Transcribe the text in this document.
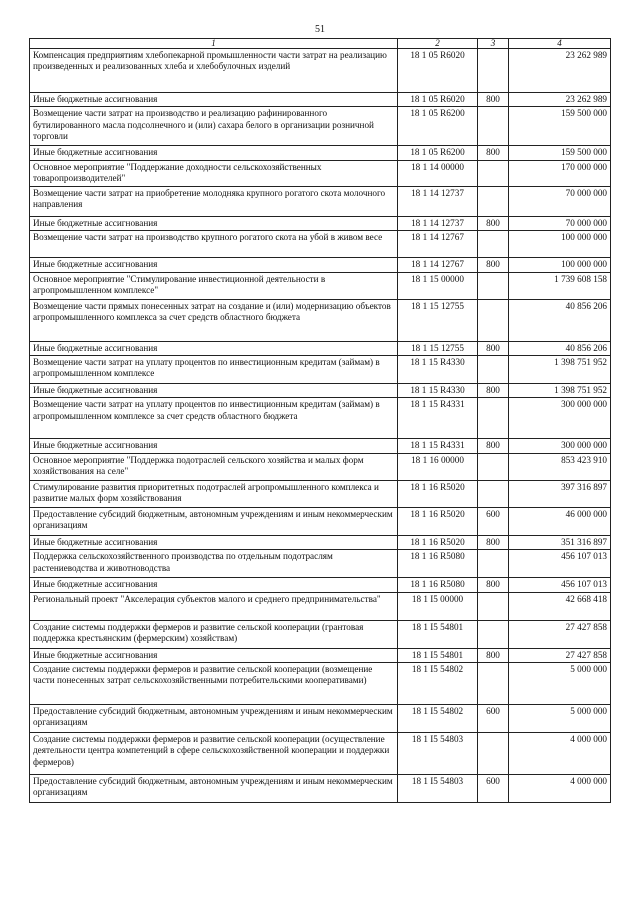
51
1	2	3	4
Компенсация предприятиям хлебопекарной промышленности части затрат на реализацию произведенных и реализованных хлеба и хлебобулочных изделий	18 1 05 R6020		23 262 989
Иные бюджетные ассигнования	18 1 05 R6020	800	23 262 989
Возмещение части затрат на производство и реализацию рафинированного бутилированного масла подсолнечного и (или) сахара белого в организации розничной торговли	18 1 05 R6200		159 500 000
Иные бюджетные ассигнования	18 1 05 R6200	800	159 500 000
Основное мероприятие "Поддержание доходности сельскохозяйственных товаропроизводителей"	18 1 14 00000		170 000 000
Возмещение части затрат на приобретение молодняка крупного рогатого скота молочного направления	18 1 14 12737		70 000 000
Иные бюджетные ассигнования	18 1 14 12737	800	70 000 000
Возмещение части затрат на производство крупного рогатого скота на убой в живом весе	18 1 14 12767		100 000 000
Иные бюджетные ассигнования	18 1 14 12767	800	100 000 000
Основное мероприятие "Стимулирование инвестиционной деятельности в агропромышленном комплексе"	18 1 15 00000		1 739 608 158
Возмещение части прямых понесенных затрат на создание и (или) модернизацию объектов агропромышленного комплекса за счет средств областного бюджета	18 1 15 12755		40 856 206
Иные бюджетные ассигнования	18 1 15 12755	800	40 856 206
Возмещение части затрат на уплату процентов по инвестиционным кредитам (займам) в агропромышленном комплексе	18 1 15 R4330		1 398 751 952
Иные бюджетные ассигнования	18 1 15 R4330	800	1 398 751 952
Возмещение части затрат на уплату процентов по инвестиционным кредитам (займам) в агропромышленном комплексе за счет средств областного бюджета	18 1 15 R4331		300 000 000
Иные бюджетные ассигнования	18 1 15 R4331	800	300 000 000
Основное мероприятие "Поддержка подотраслей сельского хозяйства и малых форм хозяйствования на селе"	18 1 16 00000		853 423 910
Стимулирование развития приоритетных подотраслей агропромышленного комплекса и развитие малых форм хозяйствования	18 1 16 R5020		397 316 897
Предоставление субсидий бюджетным, автономным учреждениям и иным некоммерческим организациям	18 1 16 R5020	600	46 000 000
Иные бюджетные ассигнования	18 1 16 R5020	800	351 316 897
Поддержка сельскохозяйственного производства по отдельным подотраслям растениеводства и животноводства	18 1 16 R5080		456 107 013
Иные бюджетные ассигнования	18 1 16 R5080	800	456 107 013
Региональный проект "Акселерация субъектов малого и среднего предпринимательства"	18 1 I5 00000		42 668 418
Создание системы поддержки фермеров и развитие сельской кооперации (грантовая поддержка крестьянским (фермерским) хозяйствам)	18 1 I5 54801		27 427 858
Иные бюджетные ассигнования	18 1 I5 54801	800	27 427 858
Создание системы поддержки фермеров и развитие сельской кооперации (возмещение части понесенных затрат сельскохозяйственными потребительскими кооперативами)	18 1 I5 54802		5 000 000
Предоставление субсидий бюджетным, автономным учреждениям и иным некоммерческим организациям	18 1 I5 54802	600	5 000 000
Создание системы поддержки фермеров и развитие сельской кооперации (осуществление деятельности центра компетенций в сфере сельскохозяйственной кооперации и поддержки фермеров)	18 1 I5 54803		4 000 000
Предоставление субсидий бюджетным, автономным учреждениям и иным некоммерческим организациям	18 1 I5 54803	600	4 000 000
